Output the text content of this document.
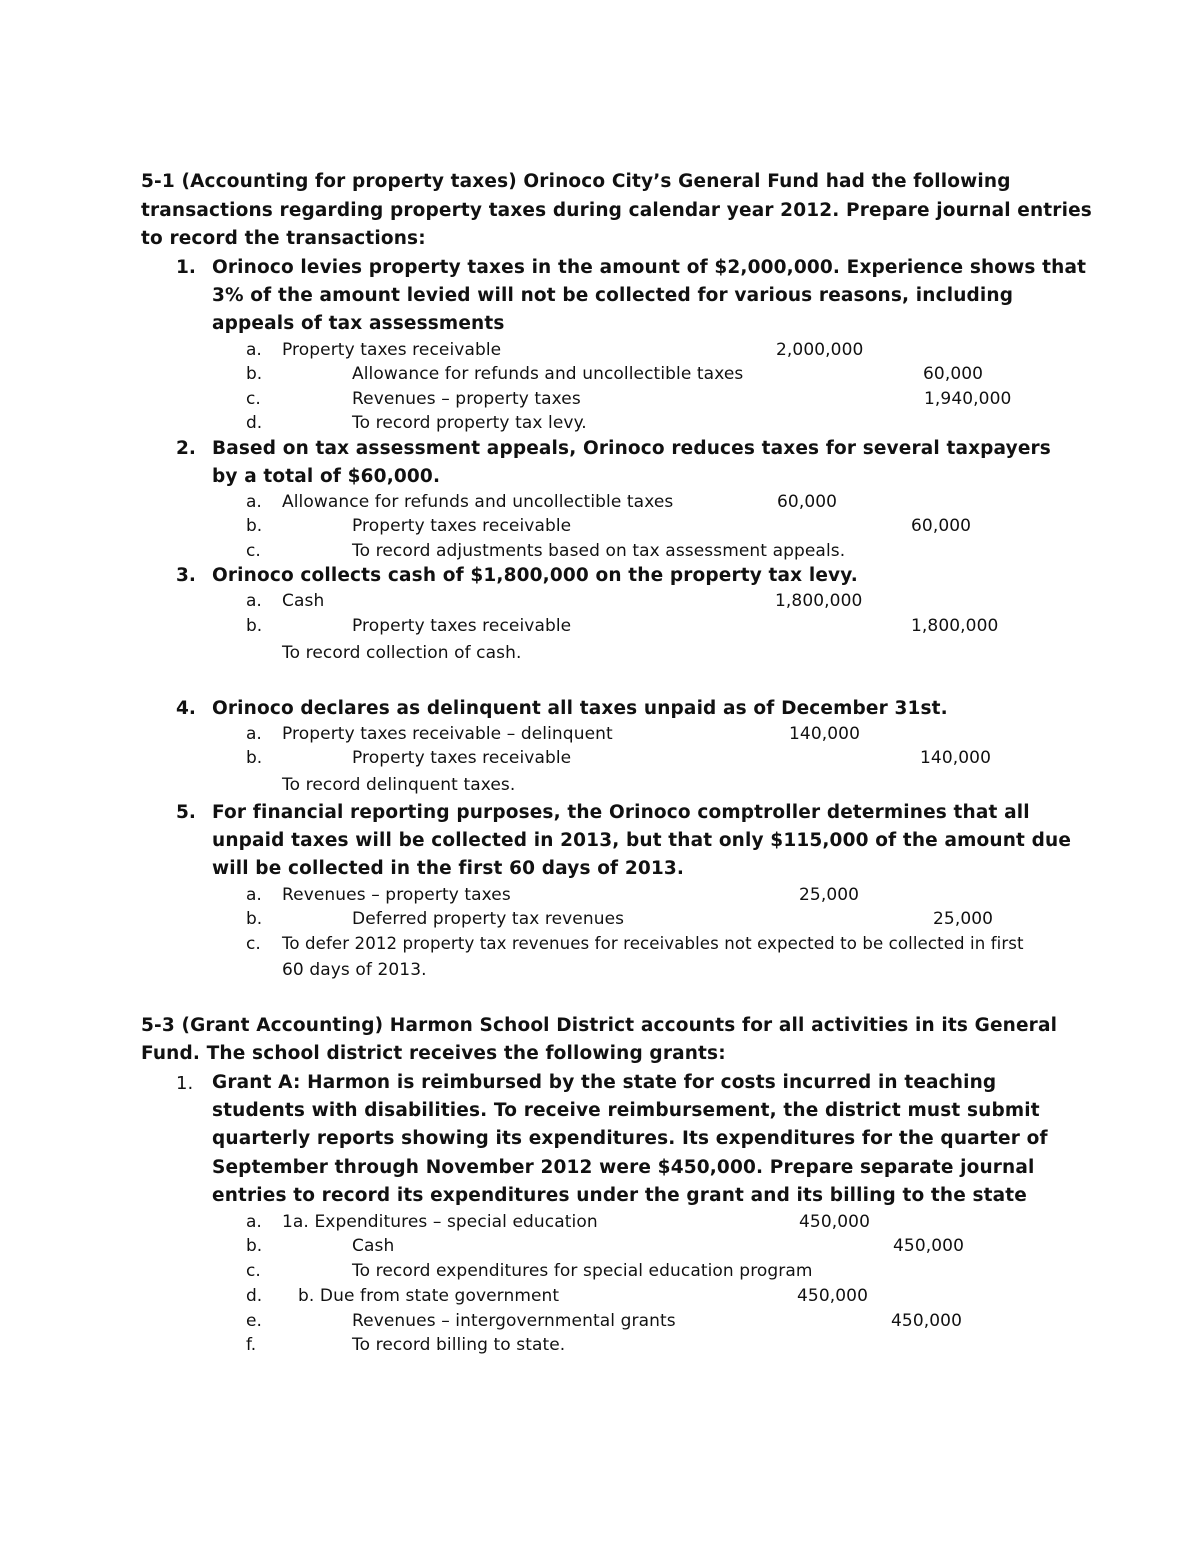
5-1 (Accounting for property taxes) Orinoco City’s General Fund had the following
transactions regarding property taxes during calendar year 2012. Prepare journal entries
to record the transactions:
1. Orinoco levies property taxes in the amount of $2,000,000. Experience shows that
3% of the amount levied will not be collected for various reasons, including
appeals of tax assessments
a. Property taxes receivable	2,000,000
b.	Allowance for refunds and uncollectible taxes	60,000
c.	Revenues – property taxes	1,940,000
d.	To record property tax levy.
2. Based on tax assessment appeals, Orinoco reduces taxes for several taxpayers
by a total of $60,000.
a. Allowance for refunds and uncollectible taxes	60,000
b.	Property taxes receivable	60,000
c.	To record adjustments based on tax assessment appeals.
3. Orinoco collects cash of $1,800,000 on the property tax levy.
a. Cash	1,800,000
b.	Property taxes receivable	1,800,000
To record collection of cash.
4. Orinoco declares as delinquent all taxes unpaid as of December 31st.
a. Property taxes receivable – delinquent	140,000
b.	Property taxes receivable	140,000
To record delinquent taxes.
5. For financial reporting purposes, the Orinoco comptroller determines that all
unpaid taxes will be collected in 2013, but that only $115,000 of the amount due
will be collected in the first 60 days of 2013.
a. Revenues – property taxes	25,000
b.	Deferred property tax revenues	25,000
c. To defer 2012 property tax revenues for receivables not expected to be collected in first
60 days of 2013.
5-3 (Grant Accounting) Harmon School District accounts for all activities in its General
Fund. The school district receives the following grants:
1. Grant A: Harmon is reimbursed by the state for costs incurred in teaching
students with disabilities. To receive reimbursement, the district must submit
quarterly reports showing its expenditures. Its expenditures for the quarter of
September through November 2012 were $450,000. Prepare separate journal
entries to record its expenditures under the grant and its billing to the state
a. 1a. Expenditures – special education	450,000
b.	Cash	450,000
c.	To record expenditures for special education program
d. b. Due from state government	450,000
e.	Revenues – intergovernmental grants	450,000
f.	To record billing to state.
